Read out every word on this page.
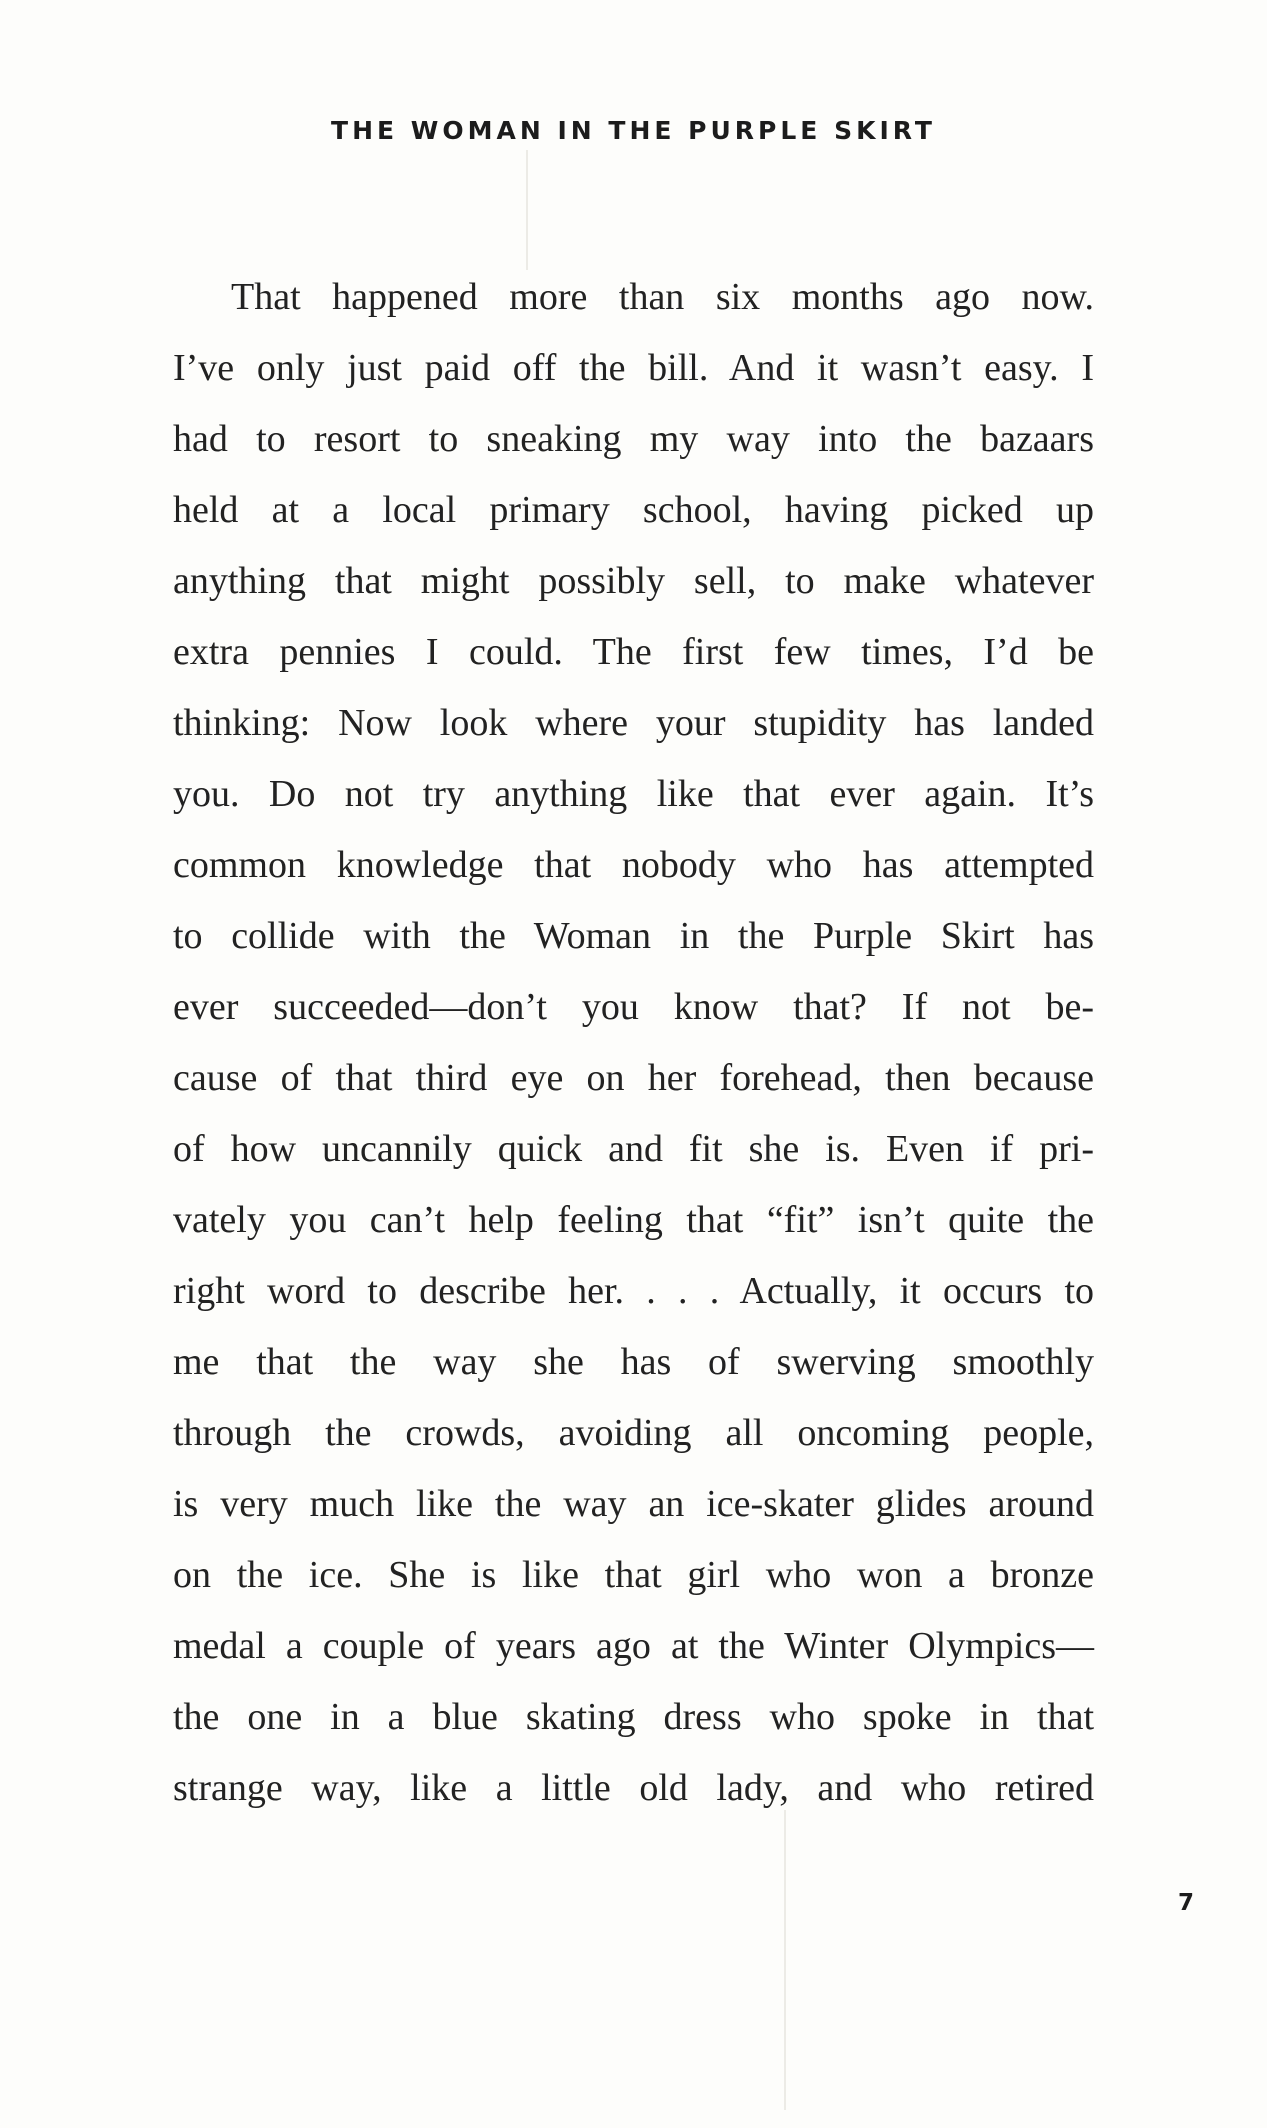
THE WOMAN IN THE PURPLE SKIRT
That happened more than six months ago now.
I’ve only just paid off the bill. And it wasn’t easy. I
had to resort to sneaking my way into the bazaars
held at a local primary school, having picked up
anything that might possibly sell, to make whatever
extra pennies I could. The first few times, I’d be
thinking: Now look where your stupidity has landed
you. Do not try anything like that ever again. It’s
common knowledge that nobody who has attempted
to collide with the Woman in the Purple Skirt has
ever succeeded—don’t you know that? If not be-
cause of that third eye on her forehead, then because
of how uncannily quick and fit she is. Even if pri-
vately you can’t help feeling that “fit” isn’t quite the
right word to describe her. . . . Actually, it occurs to
me that the way she has of swerving smoothly
through the crowds, avoiding all oncoming people,
is very much like the way an ice-skater glides around
on the ice. She is like that girl who won a bronze
medal a couple of years ago at the Winter Olympics—
the one in a blue skating dress who spoke in that
strange way, like a little old lady, and who retired
7
